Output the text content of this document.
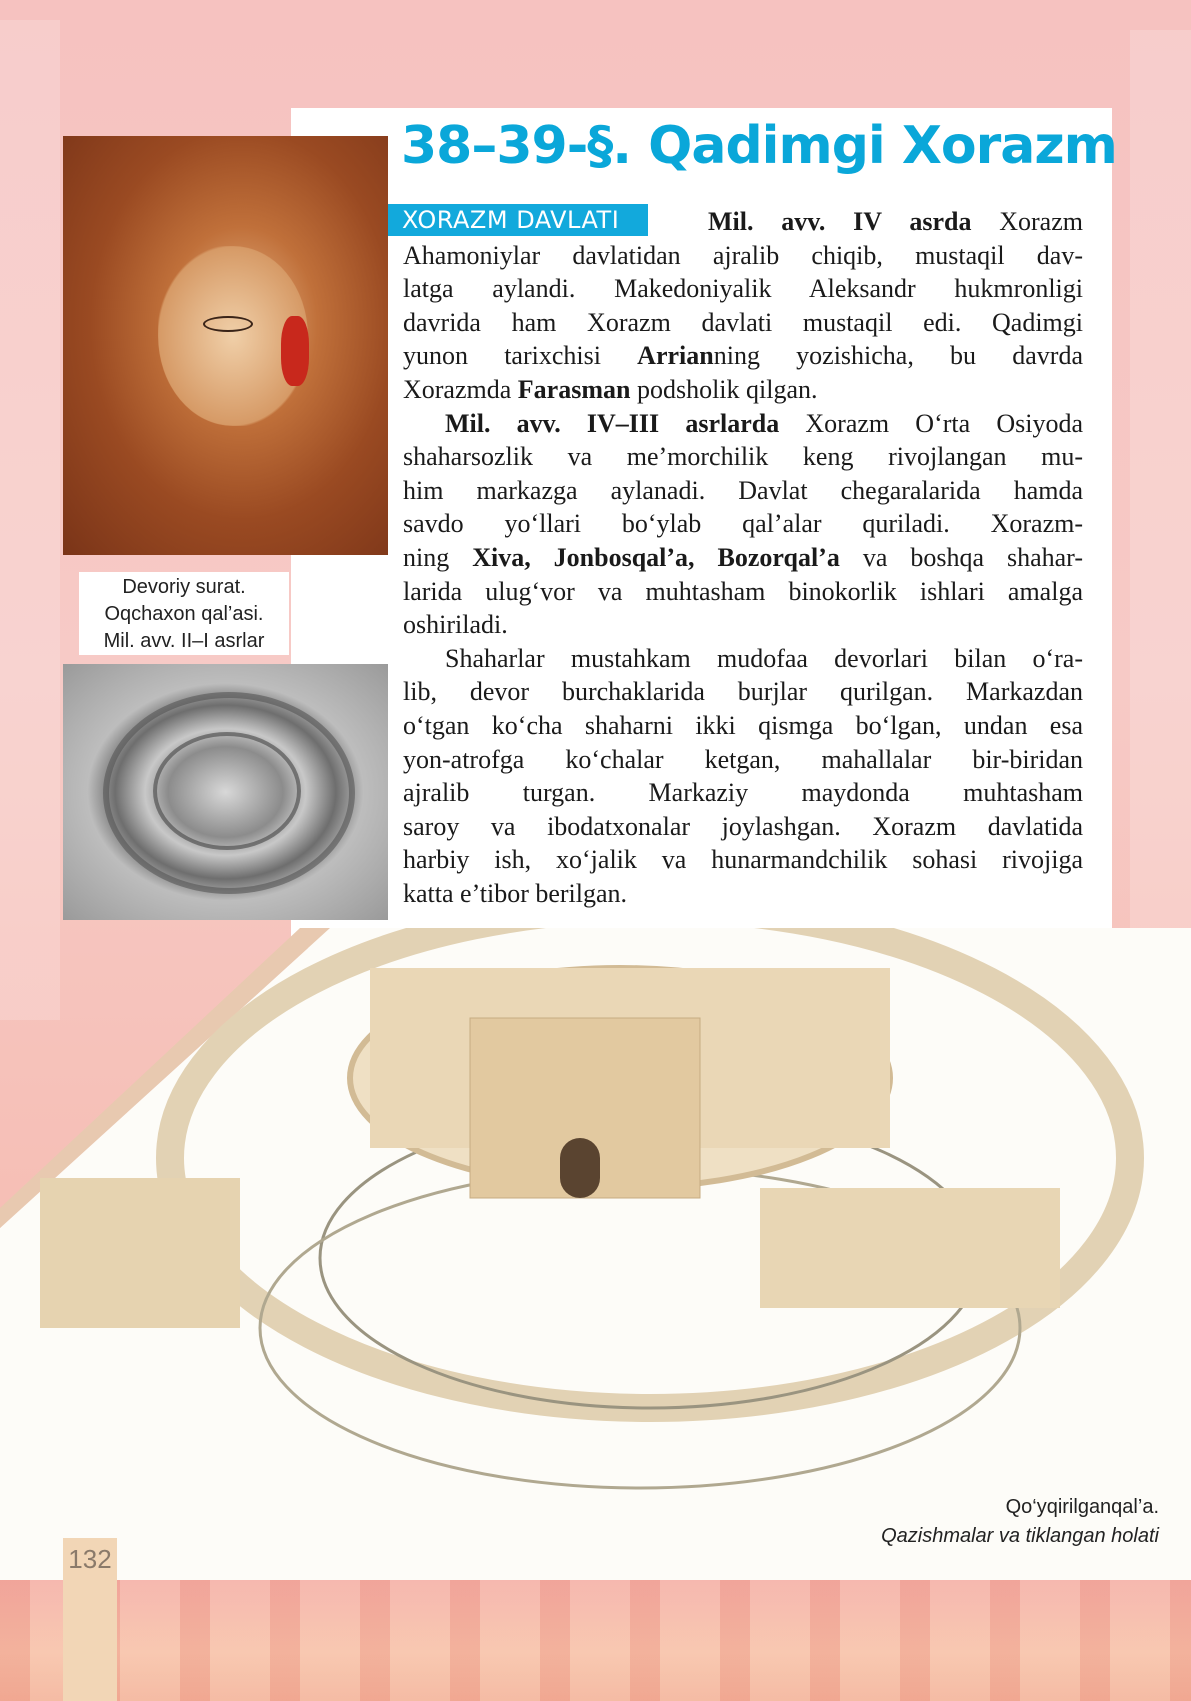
Devoriy surat.
Oqchaxon qal’asi.
Mil. avv. II–I asrlar
38–39-§. Qadimgi Xorazm
XORAZM DAVLATI	Mil. avv. IV asrda Xorazm
Ahamoniylar davlatidan ajralib chiqib, mustaqil dav-
latga aylandi. Makedoniyalik Aleksandr hukmronligi
davrida ham Xorazm davlati mustaqil edi. Qadimgi
yunon tarixchisi Arrianning yozishicha, bu davrda
Xorazmda Farasman podsholik qilgan.
Mil. avv. IV–III asrlarda Xorazm O‘rta Osiyoda
shaharsozlik va me’morchilik keng rivojlangan mu-
him markazga aylanadi. Davlat chegaralarida hamda
savdo yo‘llari bo‘ylab qal’alar quriladi. Xorazm-
ning Xiva, Jonbosqal’a, Bozorqal’a va boshqa shahar-
larida ulug‘vor va muhtasham binokorlik ishlari amalga
oshiriladi.
Shaharlar mustahkam mudofaa devorlari bilan o‘ra-
lib, devor burchaklarida burjlar qurilgan. Markazdan
o‘tgan ko‘cha shaharni ikki qismga bo‘lgan, undan esa
yon-atrofga ko‘chalar ketgan, mahallalar bir-biridan
ajralib turgan. Markaziy maydonda muhtasham
saroy va ibodatxonalar joylashgan. Xorazm davlatida
harbiy ish, xo‘jalik va hunarmandchilik sohasi rivojiga
katta e’tibor berilgan.
Qo‘yqirilganqal’a.
Qazishmalar va tiklangan holati
132
